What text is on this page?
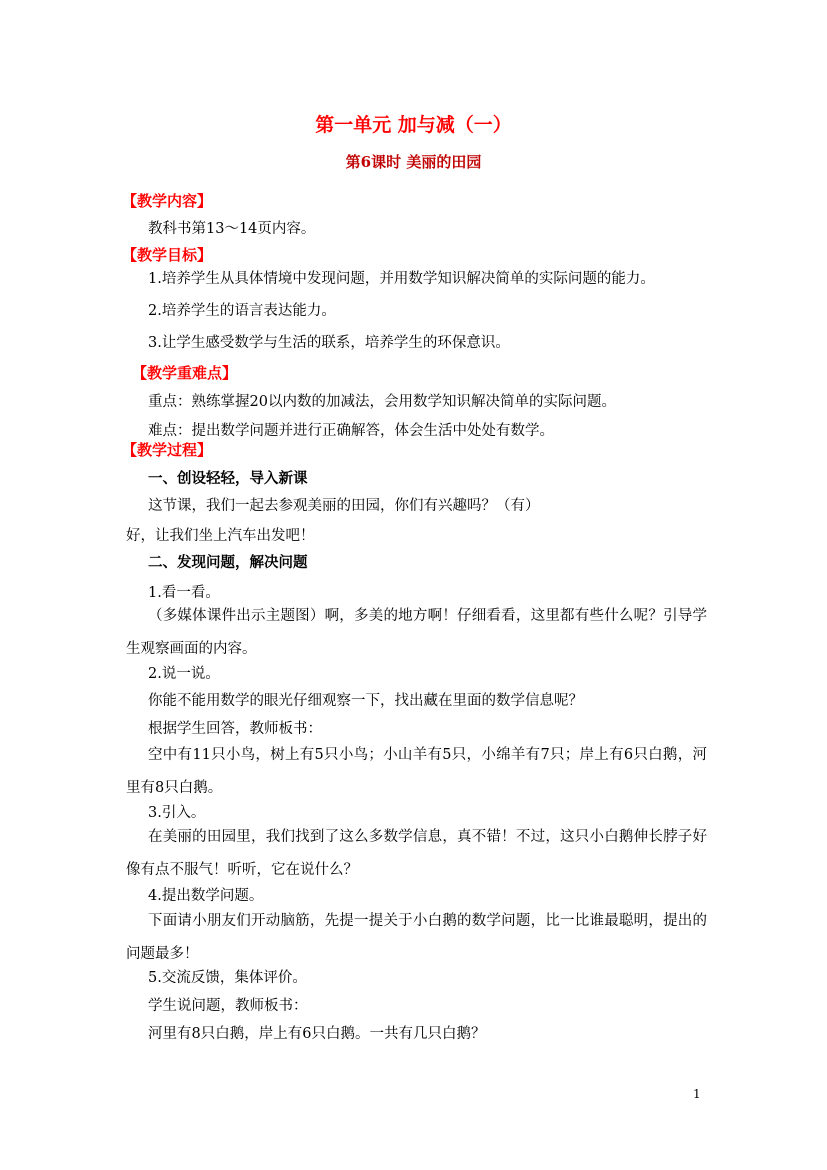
第一单元 加与减（一）
第6课时 美丽的田园
【教学内容】
教科书第13～14页内容。
【教学目标】
1.培养学生从具体情境中发现问题，并用数学知识解决简单的实际问题的能力。
2.培养学生的语言表达能力。
3.让学生感受数学与生活的联系，培养学生的环保意识。
【教学重难点】
重点：熟练掌握20以内数的加减法，会用数学知识解决简单的实际问题。
难点：提出数学问题并进行正确解答，体会生活中处处有数学。
【教学过程】
一、创设轻轻，导入新课
这节课，我们一起去参观美丽的田园，你们有兴趣吗？（有）
好，让我们坐上汽车出发吧！
二、发现问题，解决问题
1.看一看。
（多媒体课件出示主题图）啊，多美的地方啊！仔细看看，这里都有些什么呢？引导学生观察画面的内容。
2.说一说。
你能不能用数学的眼光仔细观察一下，找出藏在里面的数学信息呢？
根据学生回答，教师板书：
空中有11只小鸟，树上有5只小鸟；小山羊有5只，小绵羊有7只；岸上有6只白鹅，河里有8只白鹅。
3.引入。
在美丽的田园里，我们找到了这么多数学信息，真不错！不过，这只小白鹅伸长脖子好像有点不服气！听听，它在说什么？
4.提出数学问题。
下面请小朋友们开动脑筋，先提一提关于小白鹅的数学问题，比一比谁最聪明，提出的问题最多！
5.交流反馈，集体评价。
学生说问题，教师板书：
河里有8只白鹅，岸上有6只白鹅。一共有几只白鹅？
1
